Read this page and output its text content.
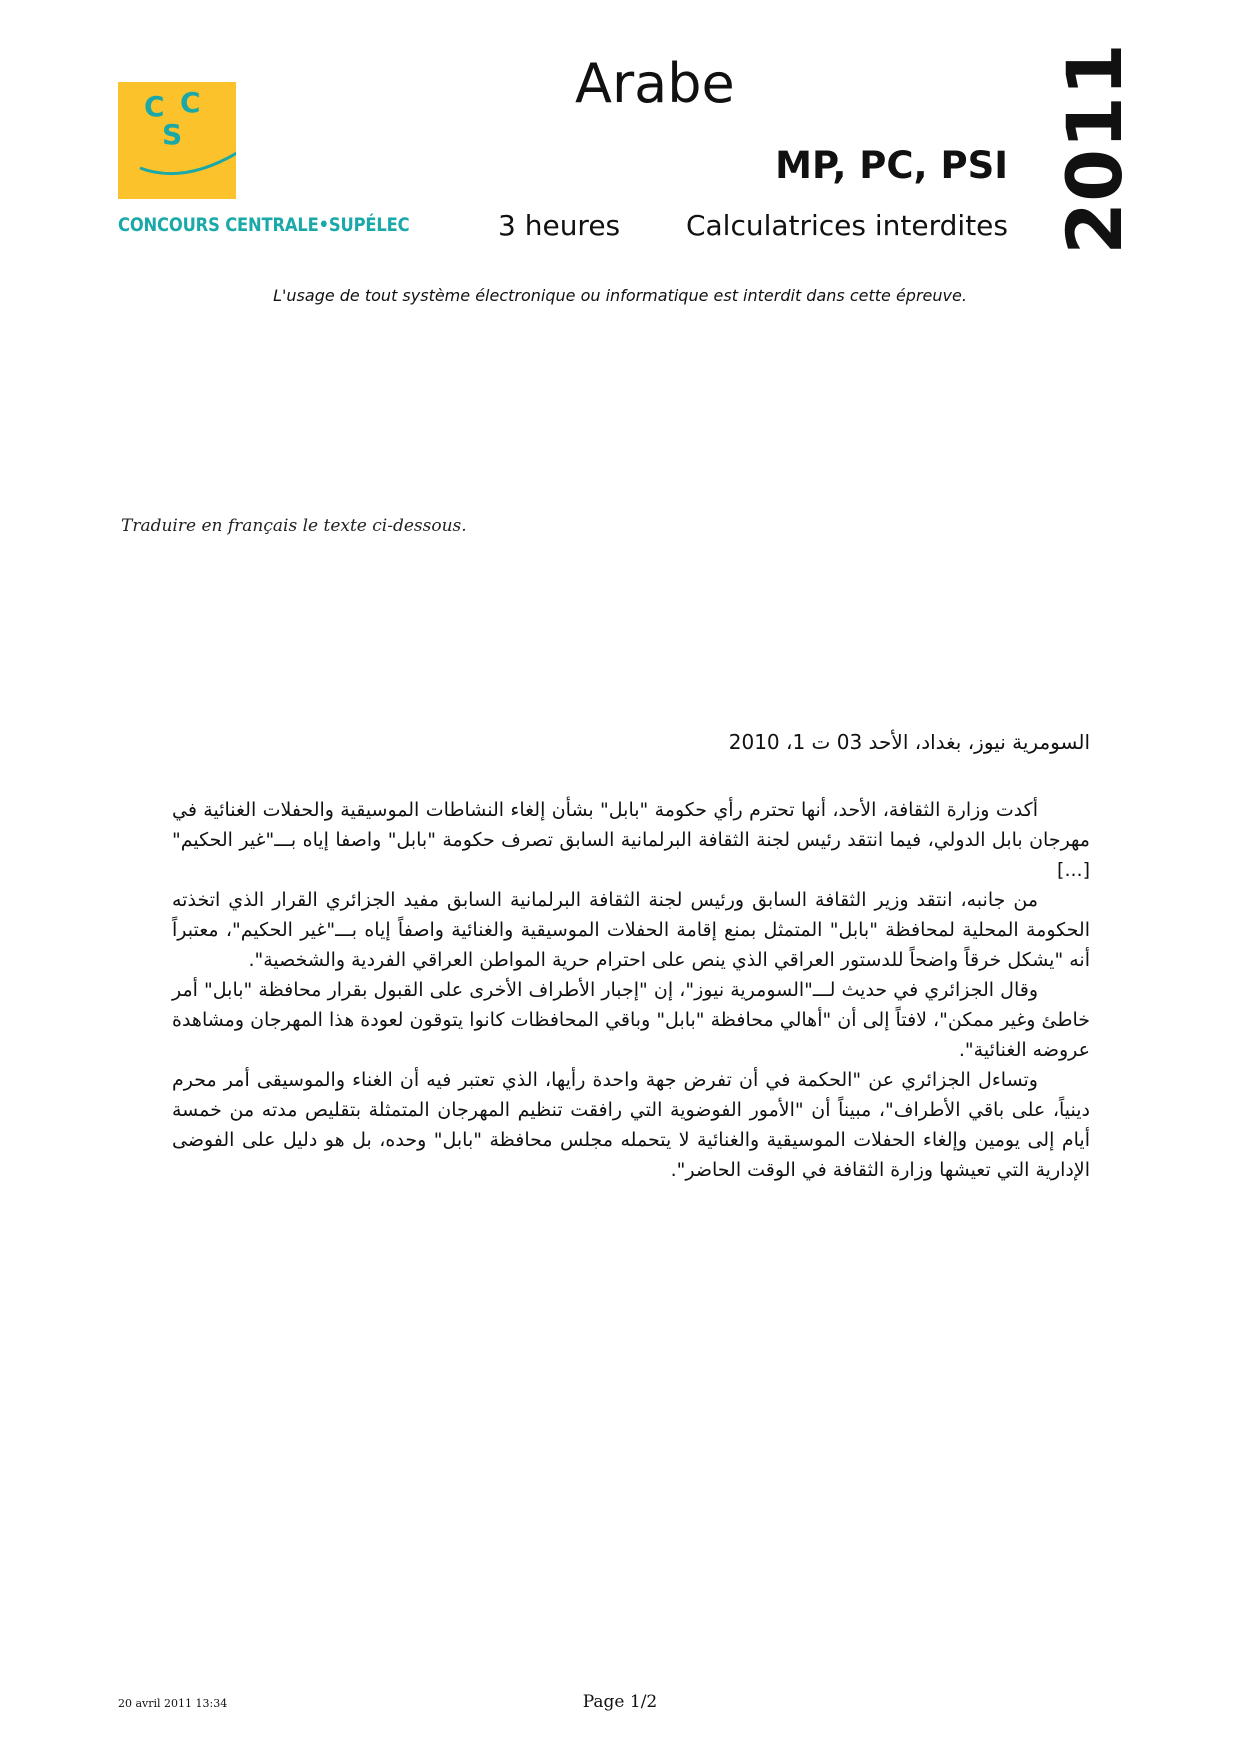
C C
S
CONCOURS CENTRALE•SUPÉLEC
Arabe
MP, PC, PSI
3 heures Calculatrices interdites 2011
L'usage de tout système électronique ou informatique est interdit dans cette épreuve.
Traduire en français le texte ci-dessous.
السومرية نيوز، بغداد، الأحد 03 ت 1، 2010

أكدت وزارة الثقافة، الأحد، أنها تحترم رأي حكومة "بابل" بشأن إلغاء النشاطات الموسيقية والحفلات الغنائية في مهرجان بابل الدولي، فيما انتقد رئيس لجنة الثقافة البرلمانية السابق تصرف حكومة "بابل" واصفا إياه بـــ"غير الحكيم" [...]

من جانبه، انتقد وزير الثقافة السابق ورئيس لجنة الثقافة البرلمانية السابق مفيد الجزائري القرار الذي اتخذته الحكومة المحلية لمحافظة "بابل" المتمثل بمنع إقامة الحفلات الموسيقية والغنائية واصفاً إياه بـــ"غير الحكيم"، معتبراً أنه "يشكل خرقاً واضحاً للدستور العراقي الذي ينص على احترام حرية المواطن العراقي الفردية والشخصية".

وقال الجزائري في حديث لـــ"السومرية نيوز"، إن "إجبار الأطراف الأخرى على القبول بقرار محافظة "بابل" أمر خاطئ وغير ممكن"، لافتاً إلى أن "أهالي محافظة "بابل" وباقي المحافظات كانوا يتوقون لعودة هذا المهرجان ومشاهدة عروضه الغنائية".

وتساءل الجزائري عن "الحكمة في أن تفرض جهة واحدة رأيها، الذي تعتبر فيه أن الغناء والموسيقى أمر محرم دينياً، على باقي الأطراف"، مبيناً أن "الأمور الفوضوية التي رافقت تنظيم المهرجان المتمثلة بتقليص مدته من خمسة أيام إلى يومين وإلغاء الحفلات الموسيقية والغنائية لا يتحمله مجلس محافظة "بابل" وحده، بل هو دليل على الفوضى الإدارية التي تعيشها وزارة الثقافة في الوقت الحاضر".

20 avril 2011 13:34	Page 1/2
